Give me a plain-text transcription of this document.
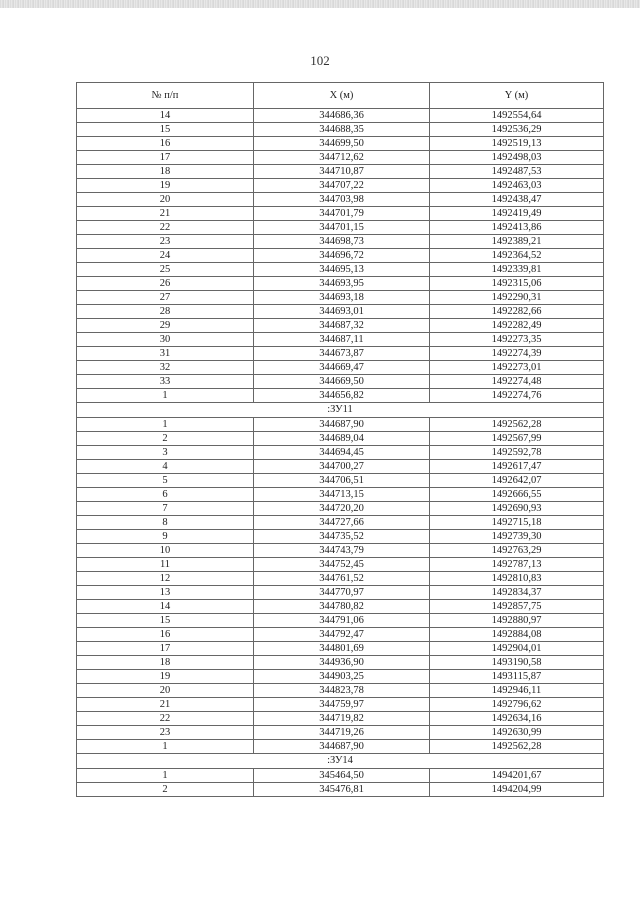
102
№ п/п	X (м)	Y (м)
14	344686,36	1492554,64
15	344688,35	1492536,29
16	344699,50	1492519,13
17	344712,62	1492498,03
18	344710,87	1492487,53
19	344707,22	1492463,03
20	344703,98	1492438,47
21	344701,79	1492419,49
22	344701,15	1492413,86
23	344698,73	1492389,21
24	344696,72	1492364,52
25	344695,13	1492339,81
26	344693,95	1492315,06
27	344693,18	1492290,31
28	344693,01	1492282,66
29	344687,32	1492282,49
30	344687,11	1492273,35
31	344673,87	1492274,39
32	344669,47	1492273,01
33	344669,50	1492274,48
1	344656,82	1492274,76
:ЗУ11		
1	344687,90	1492562,28
2	344689,04	1492567,99
3	344694,45	1492592,78
4	344700,27	1492617,47
5	344706,51	1492642,07
6	344713,15	1492666,55
7	344720,20	1492690,93
8	344727,66	1492715,18
9	344735,52	1492739,30
10	344743,79	1492763,29
11	344752,45	1492787,13
12	344761,52	1492810,83
13	344770,97	1492834,37
14	344780,82	1492857,75
15	344791,06	1492880,97
16	344792,47	1492884,08
17	344801,69	1492904,01
18	344936,90	1493190,58
19	344903,25	1493115,87
20	344823,78	1492946,11
21	344759,97	1492796,62
22	344719,82	1492634,16
23	344719,26	1492630,99
1	344687,90	1492562,28
:ЗУ14		
1	345464,50	1494201,67
2	345476,81	1494204,99
